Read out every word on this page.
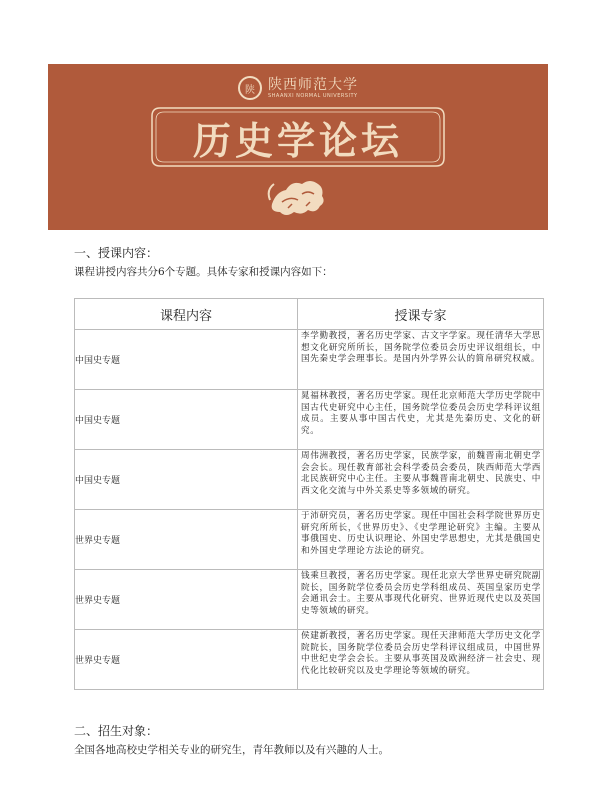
陕 陕西师范大学
SHAANXI NORMAL UNIVERSITY
历史学论坛
一、授课内容：
课程讲授内容共分6个专题。具体专家和授课内容如下：
课程内容	授课专家

中国史专题	李学勤教授，著名历史学家、古文字学家。现任清华大学思想文化研究所所长，国务院学位委员会历史评议组组长，中国先秦史学会理事长。是国内外学界公认的简帛研究权威。

中国史专题	晁福林教授，著名历史学家。现任北京师范大学历史学院中国古代史研究中心主任，国务院学位委员会历史学科评议组成员。主要从事中国古代史，尤其是先秦历史、文化的研究。

中国史专题	周伟洲教授，著名历史学家，民族学家，前魏晋南北朝史学会会长。现任教育部社会科学委员会委员，陕西师范大学西北民族研究中心主任。主要从事魏晋南北朝史、民族史、中西文化交流与中外关系史等多领域的研究。

世界史专题	于沛研究员，著名历史学家。现任中国社会科学院世界历史研究所所长，《世界历史》、《史学理论研究》主编。主要从事俄国史、历史认识理论、外国史学思想史，尤其是俄国史和外国史学理论方法论的研究。

世界史专题	钱乘旦教授，著名历史学家。现任北京大学世界史研究院副院长，国务院学位委员会历史学科组成员、英国皇家历史学会通讯会士。主要从事现代化研究、世界近现代史以及英国史等领域的研究。

世界史专题	侯建新教授，著名历史学家。现任天津师范大学历史文化学院院长，国务院学位委员会历史学科评议组成员，中国世界中世纪史学会会长。主要从事英国及欧洲经济－社会史、现代化比较研究以及史学理论等领域的研究。
二、招生对象：
全国各地高校史学相关专业的研究生，青年教师以及有兴趣的人士。
